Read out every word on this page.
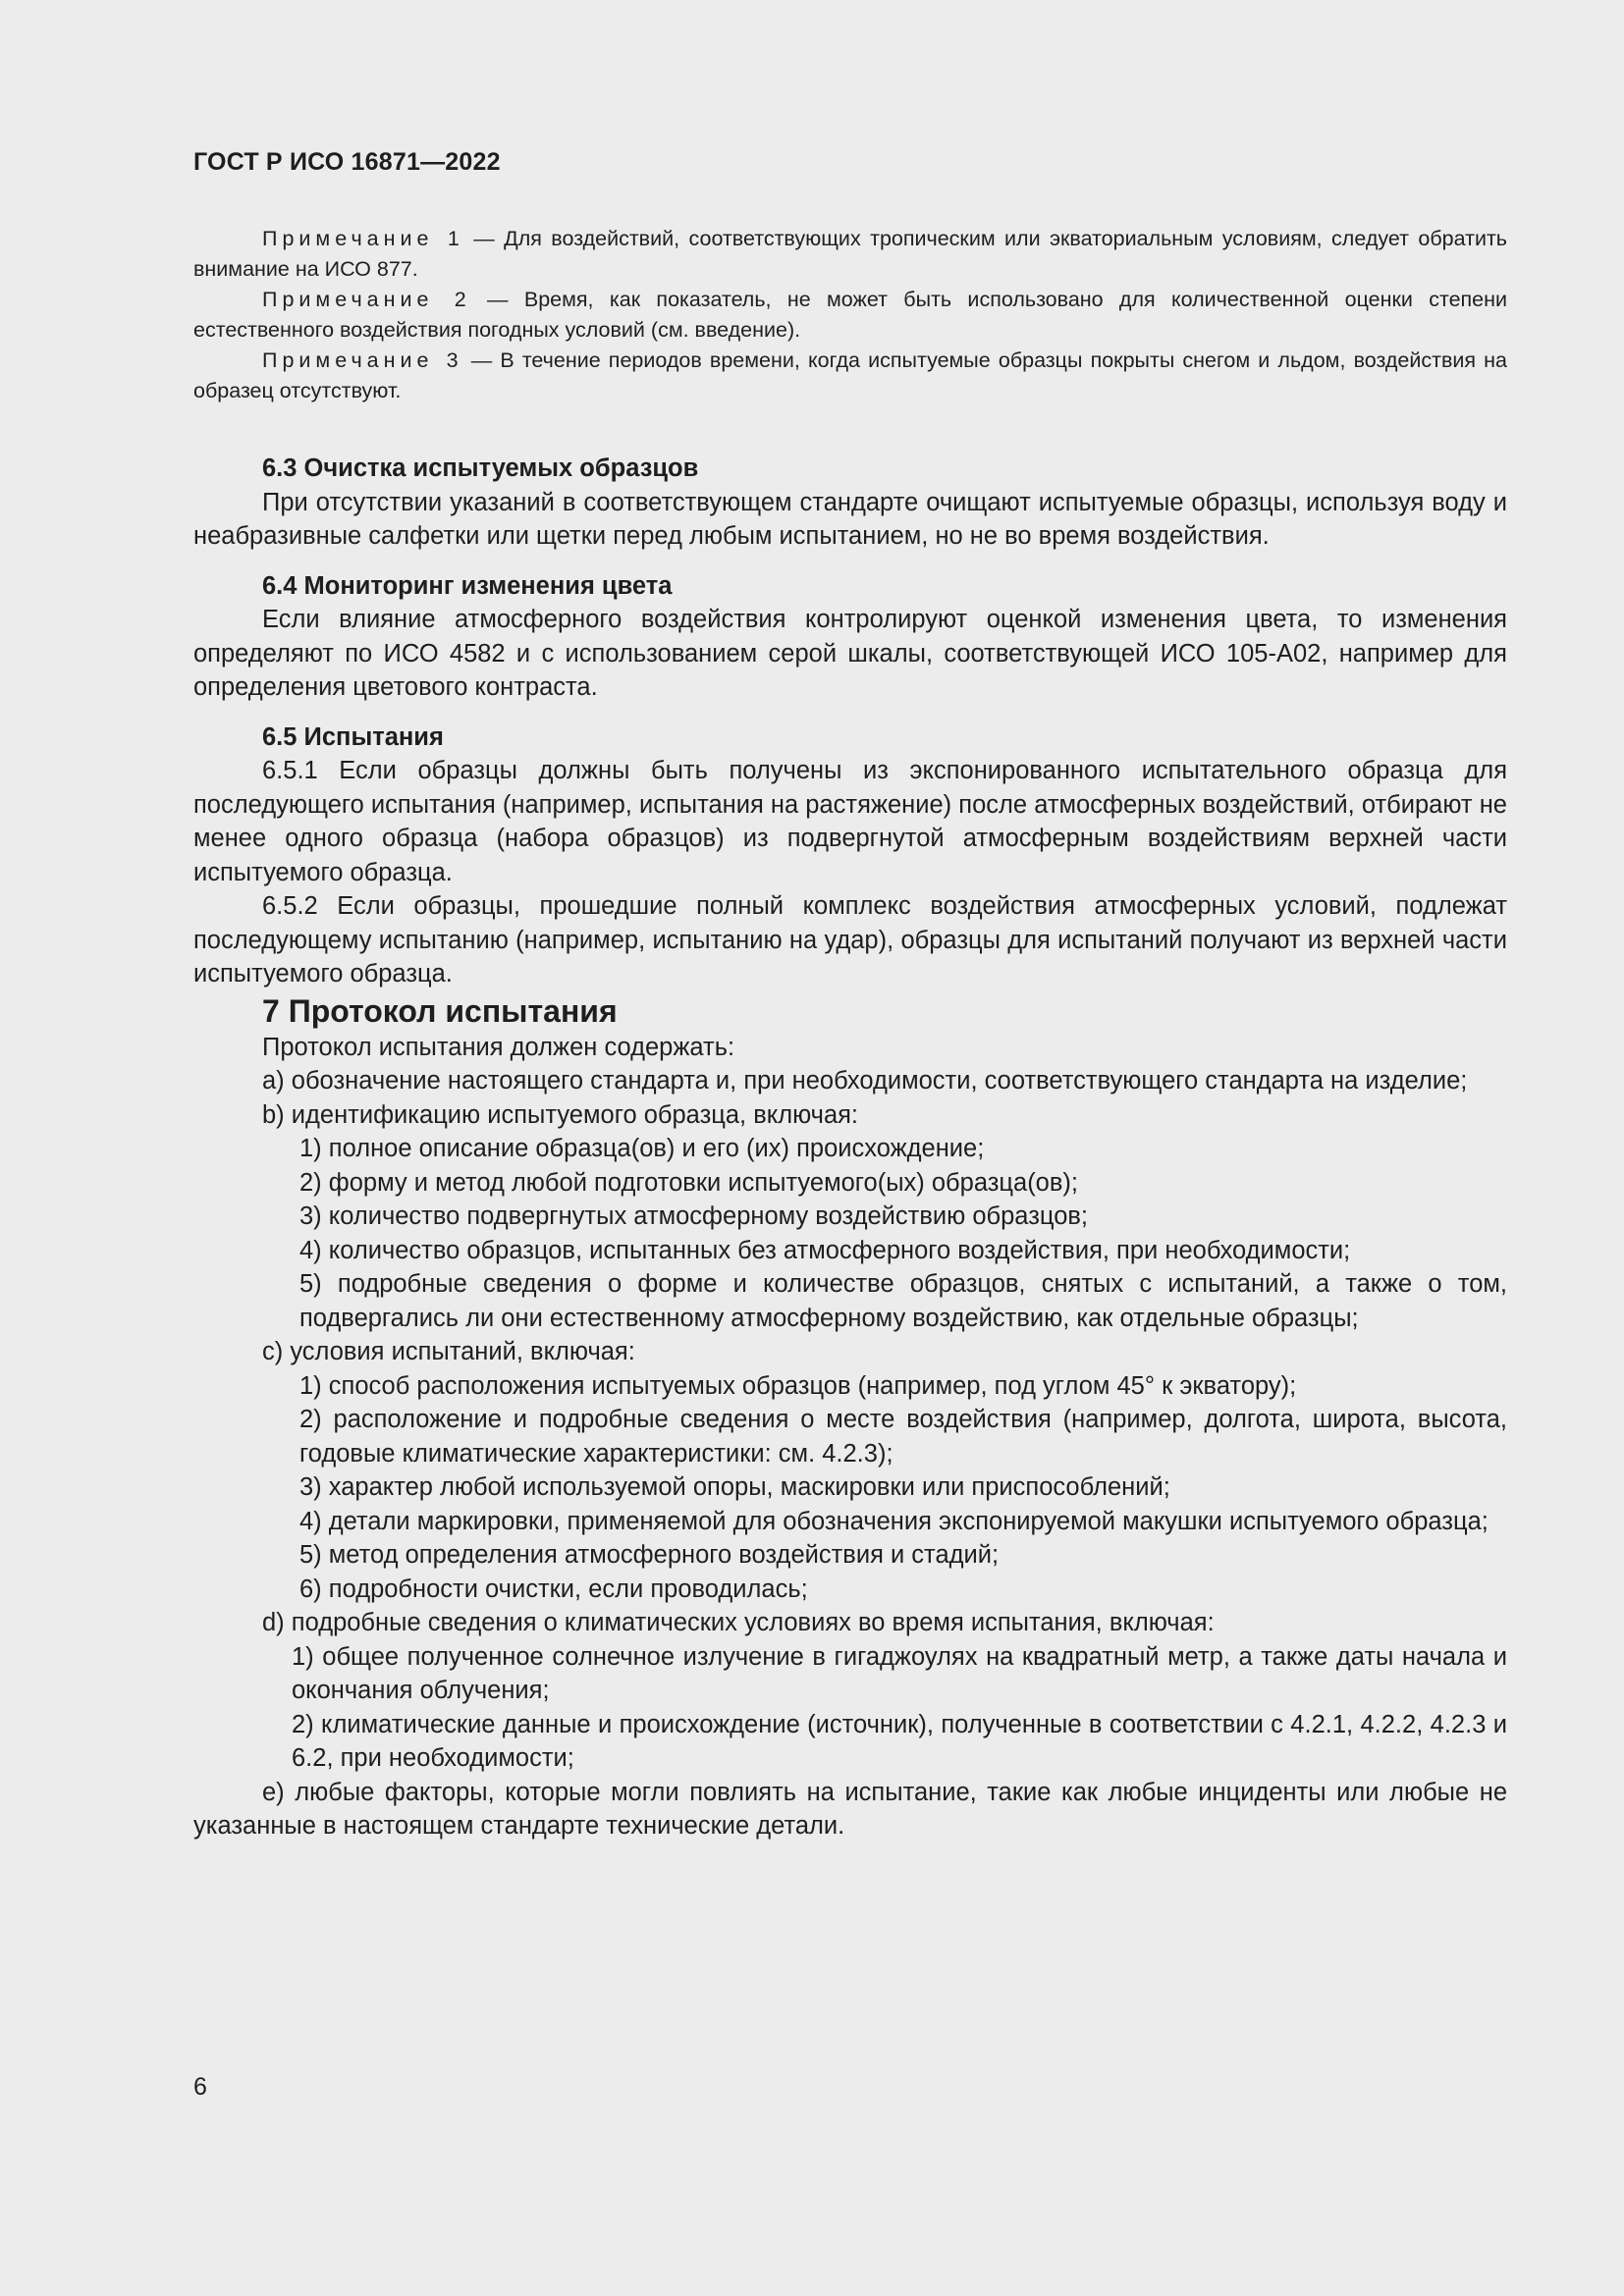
ГОСТ Р ИСО 16871—2022

Примечание 1 — Для воздействий, соответствующих тропическим или экваториальным условиям, следует обратить внимание на ИСО 877.

Примечание 2 — Время, как показатель, не может быть использовано для количественной оценки степени естественного воздействия погодных условий (см. введение).

Примечание 3 — В течение периодов времени, когда испытуемые образцы покрыты снегом и льдом, воздействия на образец отсутствуют.

6.3 Очистка испытуемых образцов

При отсутствии указаний в соответствующем стандарте очищают испытуемые образцы, используя воду и неабразивные салфетки или щетки перед любым испытанием, но не во время воздействия.

6.4 Мониторинг изменения цвета

Если влияние атмосферного воздействия контролируют оценкой изменения цвета, то изменения определяют по ИСО 4582 и с использованием серой шкалы, соответствующей ИСО 105-А02, например для определения цветового контраста.

6.5 Испытания

6.5.1 Если образцы должны быть получены из экспонированного испытательного образца для последующего испытания (например, испытания на растяжение) после атмосферных воздействий, отбирают не менее одного образца (набора образцов) из подвергнутой атмосферным воздействиям верхней части испытуемого образца.

6.5.2 Если образцы, прошедшие полный комплекс воздействия атмосферных условий, подлежат последующему испытанию (например, испытанию на удар), образцы для испытаний получают из верхней части испытуемого образца.

7 Протокол испытания

Протокол испытания должен содержать:

a) обозначение настоящего стандарта и, при необходимости, соответствующего стандарта на изделие;

b) идентификацию испытуемого образца, включая:

1) полное описание образца(ов) и его (их) происхождение;

2) форму и метод любой подготовки испытуемого(ых) образца(ов);

3) количество подвергнутых атмосферному воздействию образцов;

4) количество образцов, испытанных без атмосферного воздействия, при необходимости;

5) подробные сведения о форме и количестве образцов, снятых с испытаний, а также о том, подвергались ли они естественному атмосферному воздействию, как отдельные образцы;

c) условия испытаний, включая:

1) способ расположения испытуемых образцов (например, под углом 45° к экватору);

2) расположение и подробные сведения о месте воздействия (например, долгота, широта, высота, годовые климатические характеристики: см. 4.2.3);

3) характер любой используемой опоры, маскировки или приспособлений;

4) детали маркировки, применяемой для обозначения экспонируемой макушки испытуемого образца;

5) метод определения атмосферного воздействия и стадий;

6) подробности очистки, если проводилась;

d) подробные сведения о климатических условиях во время испытания, включая:

1) общее полученное солнечное излучение в гигаджоулях на квадратный метр, а также даты начала и окончания облучения;

2) климатические данные и происхождение (источник), полученные в соответствии с 4.2.1, 4.2.2, 4.2.3 и 6.2, при необходимости;

e) любые факторы, которые могли повлиять на испытание, такие как любые инциденты или любые не указанные в настоящем стандарте технические детали.

6
